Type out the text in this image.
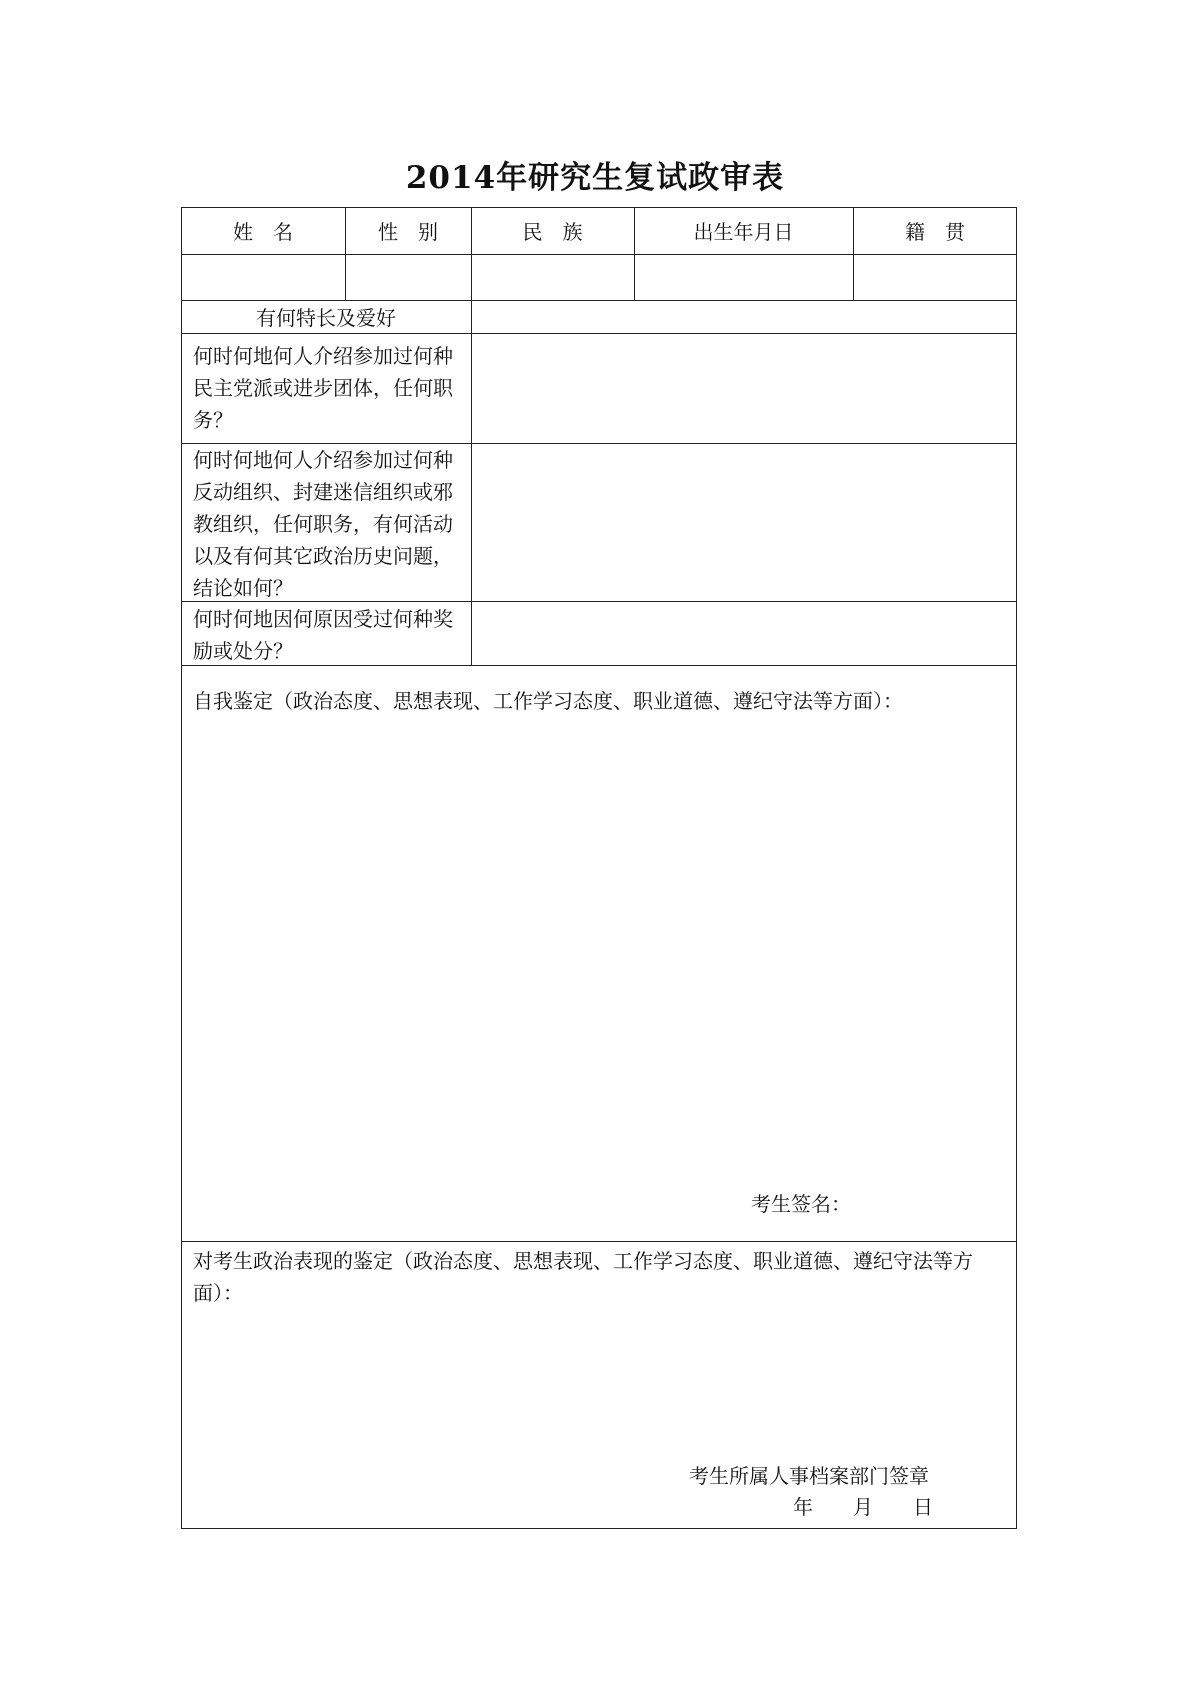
2014年研究生复试政审表
姓　名	性　别	民　族	出生年月日	籍　贯
有何特长及爱好
何时何地何人介绍参加过何种民主党派或进步团体，任何职务？
何时何地何人介绍参加过何种反动组织、封建迷信组织或邪教组织，任何职务，有何活动以及有何其它政治历史问题，结论如何？
何时何地因何原因受过何种奖励或处分？
自我鉴定（政治态度、思想表现、工作学习态度、职业道德、遵纪守法等方面）：
考生签名：
对考生政治表现的鉴定（政治态度、思想表现、工作学习态度、职业道德、遵纪守法等方面）：
考生所属人事档案部门签章
年　　月　　日
